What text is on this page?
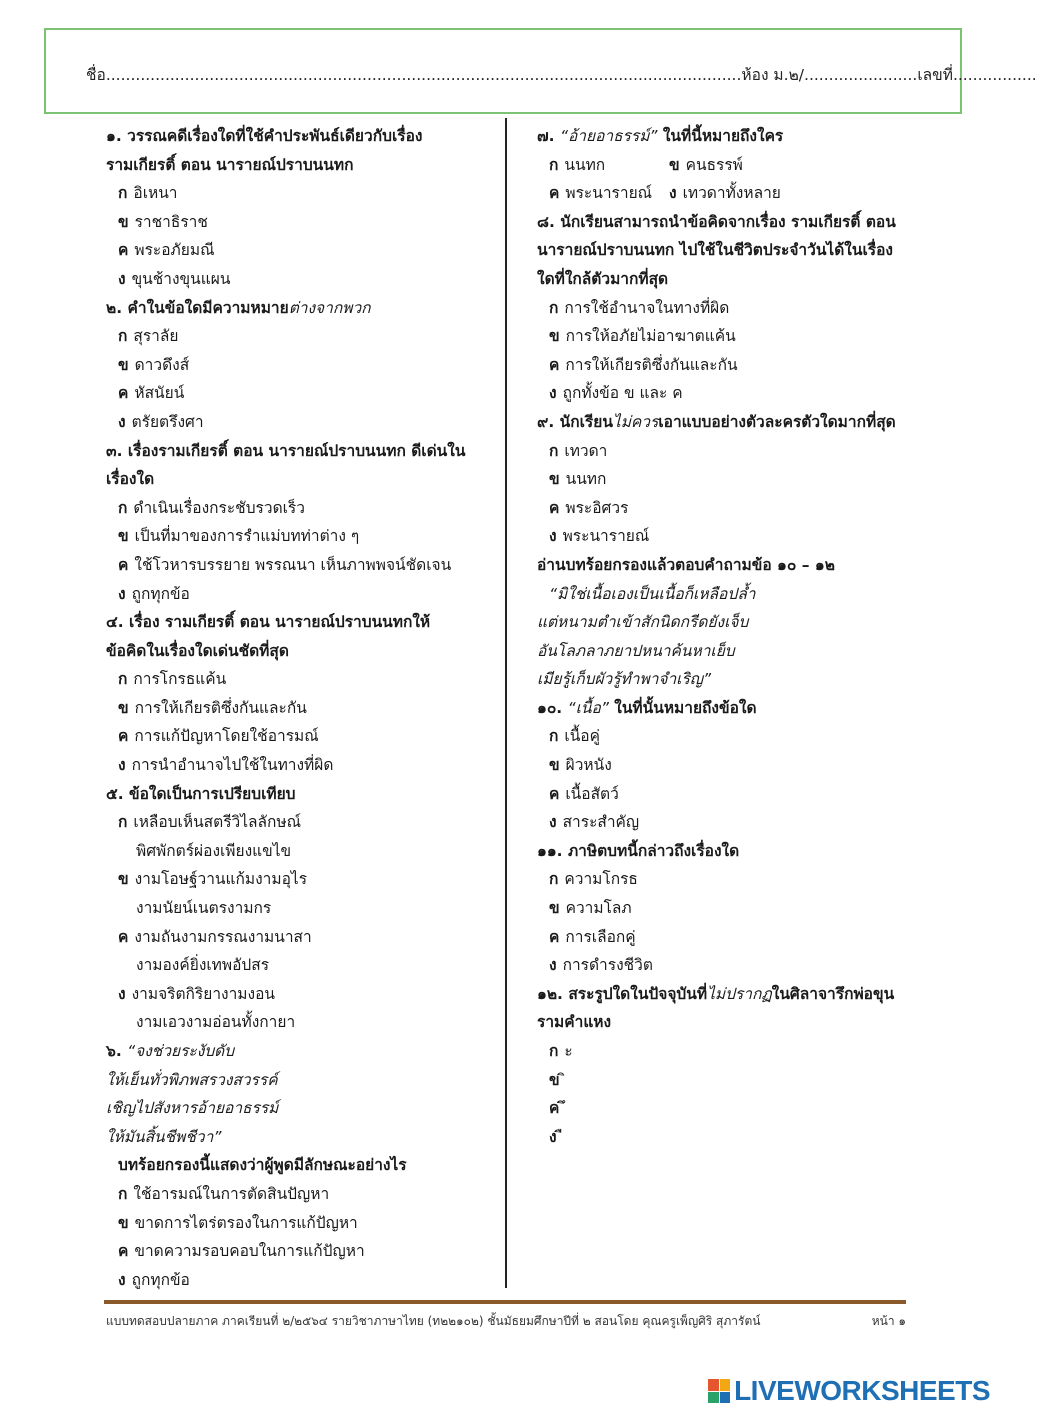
ชื่อ.................................................................................................................................ห้อง ม.๒/.......................เลขที่.................
๑. วรรณคดีเรื่องใดที่ใช้คำประพันธ์เดียวกับเรื่อง
รามเกียรติ์ ตอน นารายณ์ปราบนนทก
ก อิเหนา
ข ราชาธิราช
ค พระอภัยมณี
ง ขุนช้างขุนแผน
๒. คำในข้อใดมีความหมายต่างจากพวก
ก สุราลัย
ข ดาวดึงส์
ค หัสนัยน์
ง ตรัยตรึงศา
๓. เรื่องรามเกียรติ์ ตอน นารายณ์ปราบนนทก ดีเด่นใน
เรื่องใด
ก ดำเนินเรื่องกระชับรวดเร็ว
ข เป็นที่มาของการรำแม่บทท่าต่าง ๆ
ค ใช้โวหารบรรยาย พรรณนา เห็นภาพพจน์ชัดเจน
ง ถูกทุกข้อ
๔. เรื่อง รามเกียรติ์ ตอน นารายณ์ปราบนนทกให้
ข้อคิดในเรื่องใดเด่นชัดที่สุด
ก การโกรธแค้น
ข การให้เกียรติซึ่งกันและกัน
ค การแก้ปัญหาโดยใช้อารมณ์
ง การนำอำนาจไปใช้ในทางที่ผิด
๕. ข้อใดเป็นการเปรียบเทียบ
ก เหลือบเห็นสตรีวิไลลักษณ์
พิศพักตร์ผ่องเพียงแขไข
ข งามโอษฐ์วานแก้มงามอุไร
งามนัยน์เนตรงามกร
ค งามถันงามกรรณงามนาสา
งามองค์ยิ่งเทพอัปสร
ง งามจริตกิริยางามงอน
งามเอวงามอ่อนทั้งกายา
๖. “จงช่วยระงับดับ
ให้เย็นทั่วพิภพสรวงสวรรค์
เชิญไปสังหารอ้ายอาธรรม์
ให้มันสิ้นชีพชีวา”
บทร้อยกรองนี้แสดงว่าผู้พูดมีลักษณะอย่างไร
ก ใช้อารมณ์ในการตัดสินปัญหา
ข ขาดการไตร่ตรองในการแก้ปัญหา
ค ขาดความรอบคอบในการแก้ปัญหา
ง ถูกทุกข้อ
๗. “อ้ายอาธรรม์” ในที่นี้หมายถึงใคร
ก นนทก	ข คนธรรพ์
ค พระนารายณ์ ง เทวดาทั้งหลาย
๘. นักเรียนสามารถนำข้อคิดจากเรื่อง รามเกียรติ์ ตอน
นารายณ์ปราบนนทก ไปใช้ในชีวิตประจำวันได้ในเรื่อง
ใดที่ใกล้ตัวมากที่สุด
ก การใช้อำนาจในทางที่ผิด
ข การให้อภัยไม่อาฆาตแค้น
ค การให้เกียรติซึ่งกันและกัน
ง ถูกทั้งข้อ ข และ ค
๙. นักเรียนไม่ควรเอาแบบอย่างตัวละครตัวใดมากที่สุด
ก เทวดา
ข นนทก
ค พระอิศวร
ง พระนารายณ์
อ่านบทร้อยกรองแล้วตอบคำถามข้อ ๑๐ – ๑๒
“มิใช่เนื้อเองเป็นเนื้อก็เหลือปล้ำ
แต่หนามตำเข้าสักนิดกรีดยังเจ็บ
อันโลภลาภยาปหนาค้นหาเย็บ
เมียรู้เก็บผัวรู้ทำพาจำเริญ”
๑๐. “เนื้อ” ในที่นั้นหมายถึงข้อใด
ก เนื้อคู่
ข ผิวหนัง
ค เนื้อสัตว์
ง สาระสำคัญ
๑๑. ภาษิตบทนี้กล่าวถึงเรื่องใด
ก ความโกรธ
ข ความโลภ
ค การเลือกคู่
ง การดำรงชีวิต
๑๒. สระรูปใดในปัจจุบันที่ไม่ปรากฏในศิลาจารึกพ่อขุน
รามคำแหง
ก ะ
ข
ค
ง
แบบทดสอบปลายภาค ภาคเรียนที่ ๒/๒๕๖๔ รายวิชาภาษาไทย (ท๒๒๑๐๒) ชั้นมัธยมศึกษาปีที่ ๒ สอนโดย คุณครูเพ็ญศิริ สุภารัตน์	หน้า ๑
LIVEWORKSHEETS
